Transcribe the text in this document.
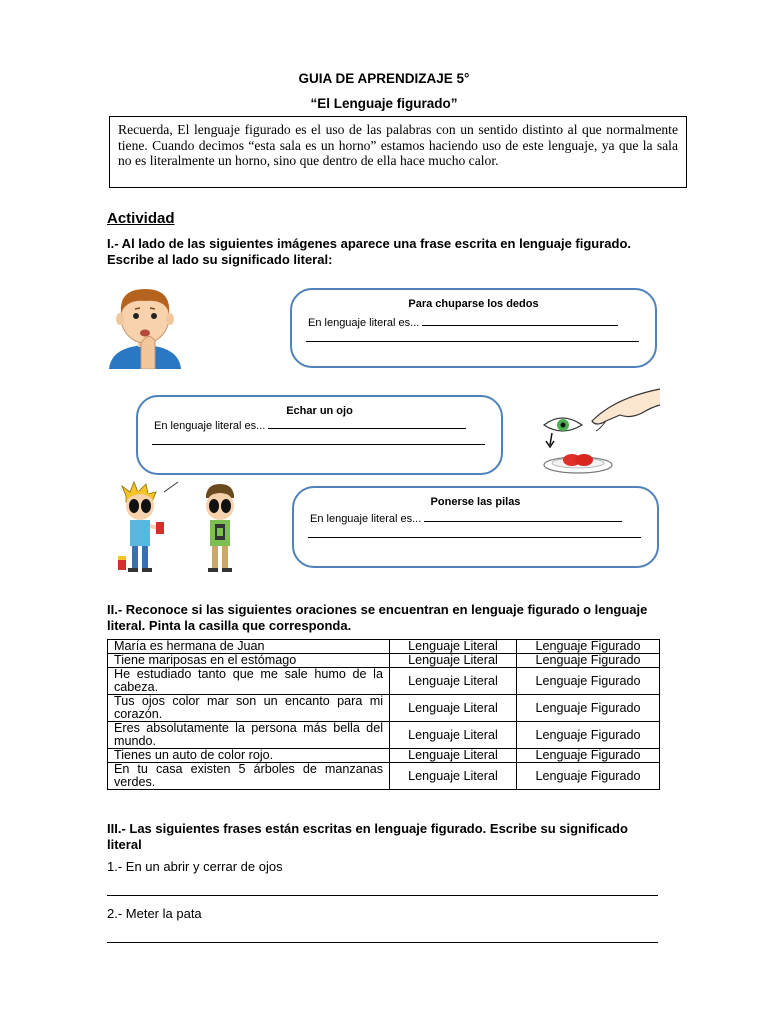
GUIA DE APRENDIZAJE 5°
“El Lenguaje figurado”
Recuerda, El lenguaje figurado es el uso de las palabras con un sentido distinto al que normalmente tiene. Cuando decimos “esta sala es un horno” estamos haciendo uso de este lenguaje, ya que la sala no es literalmente un horno, sino que dentro de ella hace mucho calor.
Actividad
I.- Al lado de las siguientes imágenes aparece una frase escrita en lenguaje figurado. Escribe al lado su significado literal:
Para chuparse los dedos
En lenguaje literal es...
Echar un ojo
En lenguaje literal es...
Ponerse las pilas
En lenguaje literal es...
II.- Reconoce si las siguientes oraciones se encuentran en lenguaje figurado o lenguaje literal. Pinta la casilla que corresponda.
María es hermana de Juan	Lenguaje Literal	Lenguaje Figurado
Tiene mariposas en el estómago	Lenguaje Literal	Lenguaje Figurado
He estudiado tanto que me sale humo de la cabeza.	Lenguaje Literal	Lenguaje Figurado
Tus ojos color mar son un encanto para mi corazón.	Lenguaje Literal	Lenguaje Figurado
Eres absolutamente la persona más bella del mundo.	Lenguaje Literal	Lenguaje Figurado
Tienes un auto de color rojo.	Lenguaje Literal	Lenguaje Figurado
En tu casa existen 5 árboles de manzanas verdes.	Lenguaje Literal	Lenguaje Figurado
III.- Las siguientes frases están escritas en lenguaje figurado. Escribe su significado literal
1.- En un abrir y cerrar de ojos
2.- Meter la pata
